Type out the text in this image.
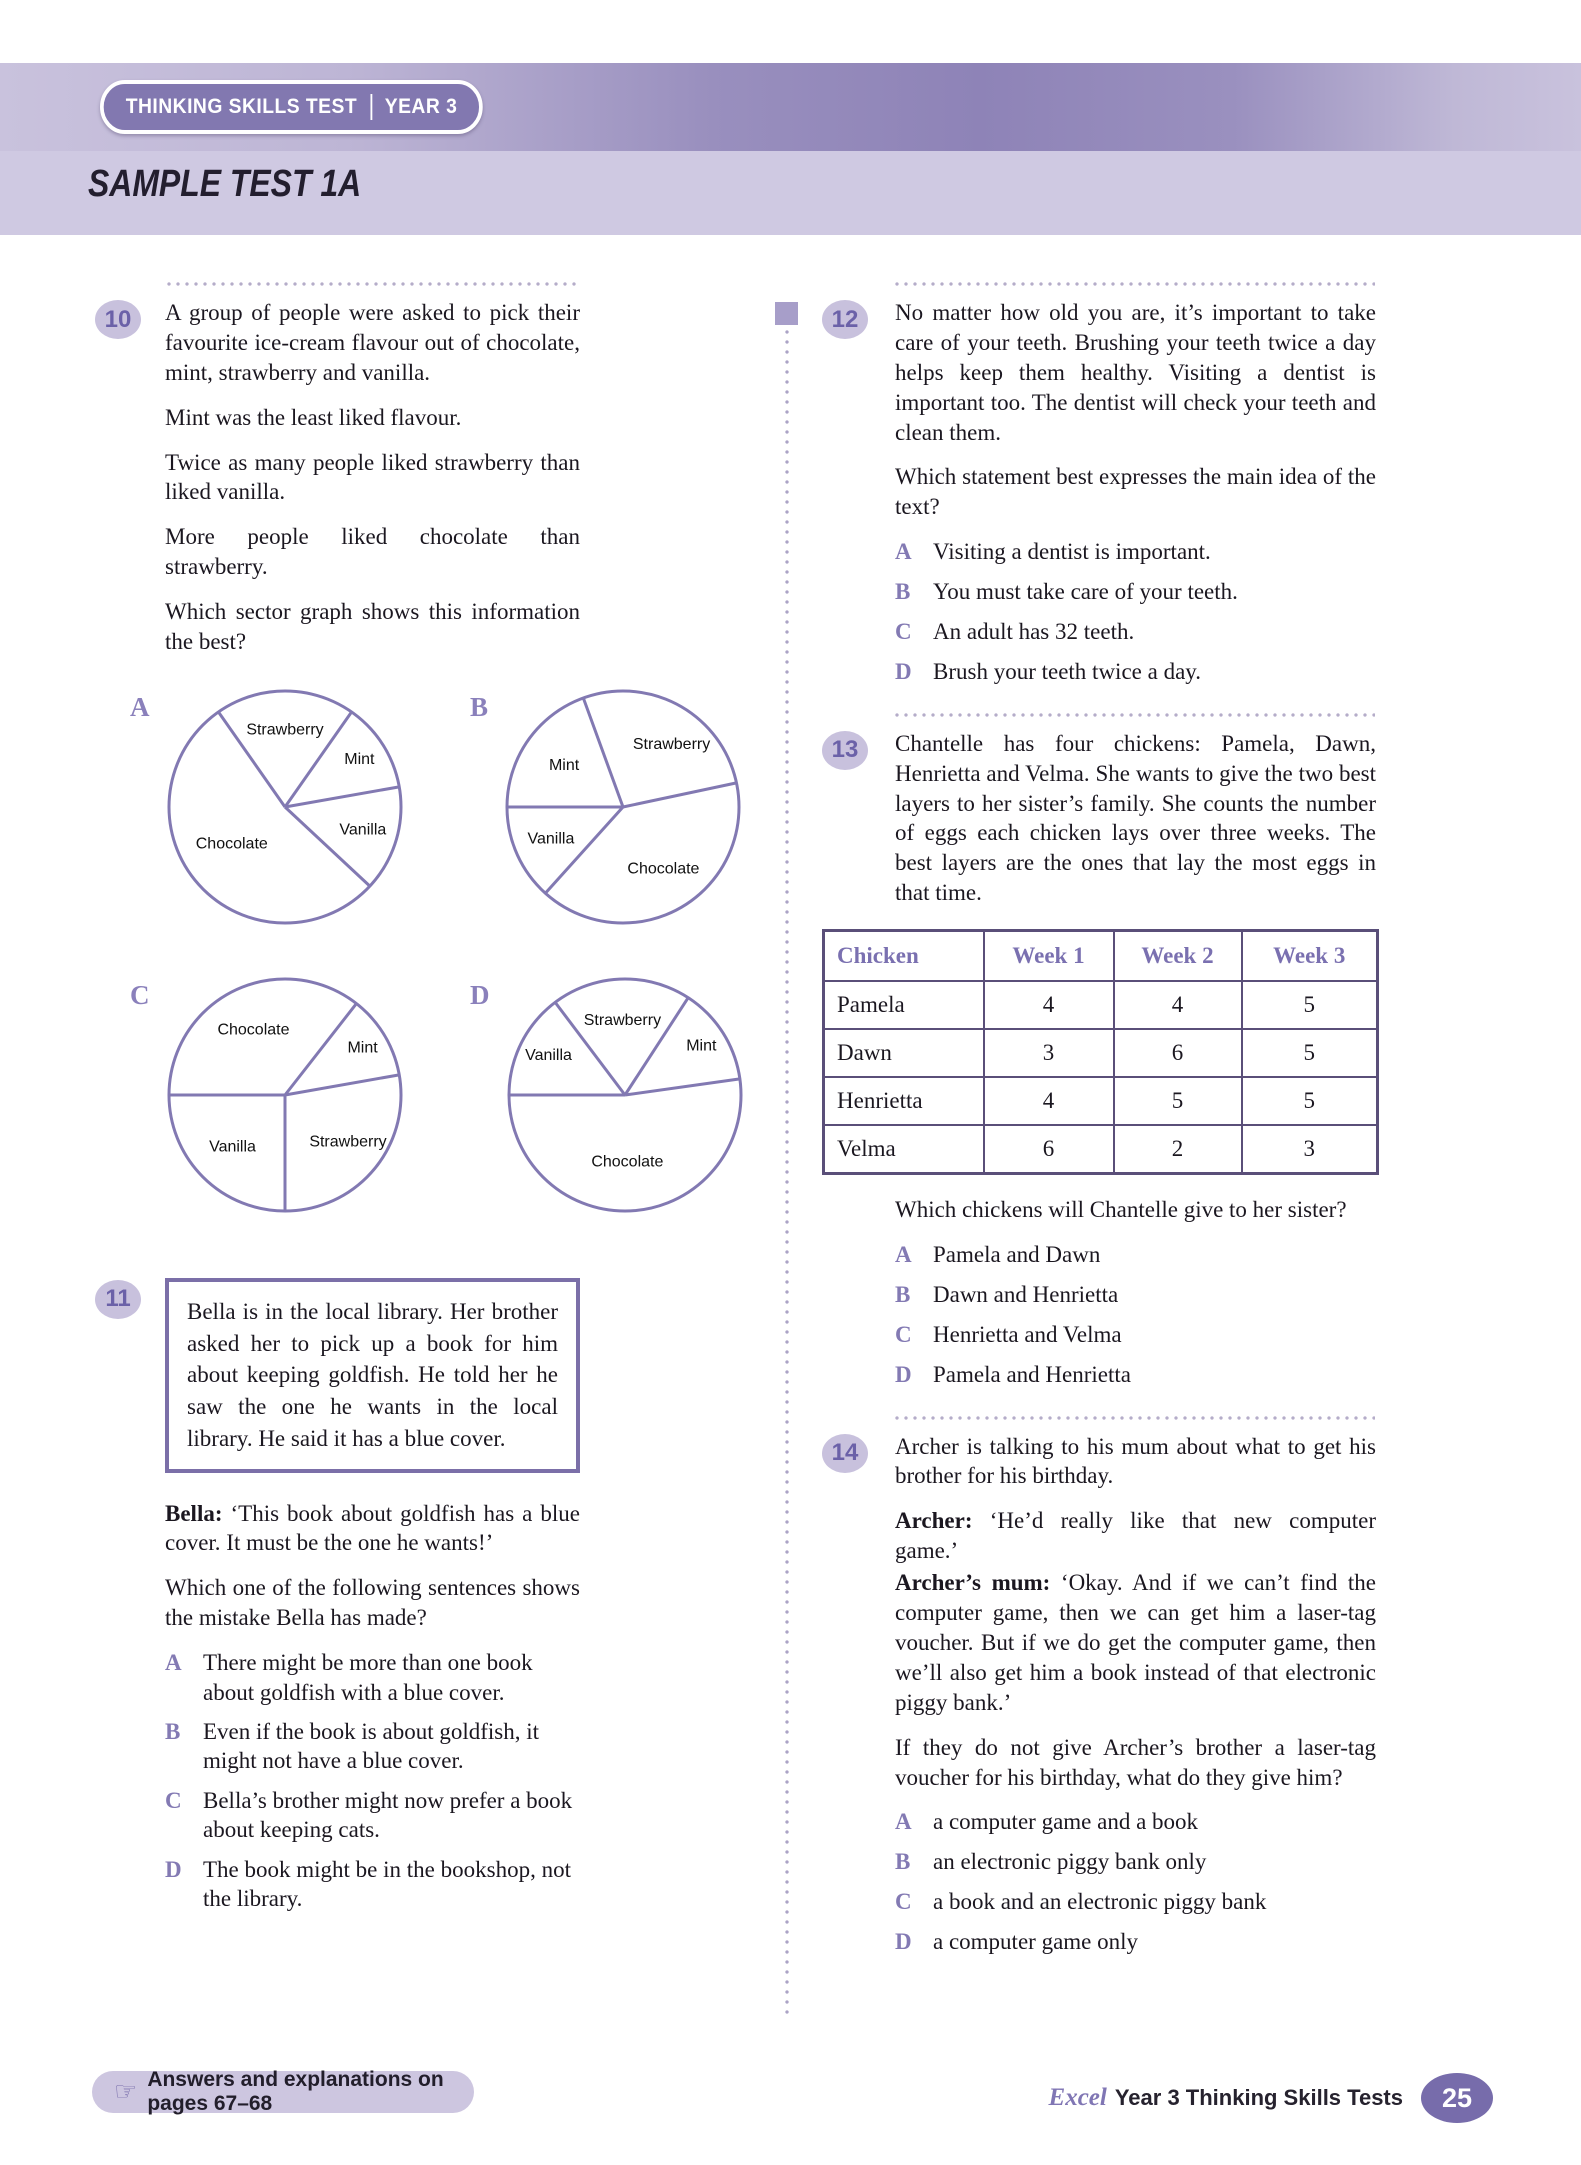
THINKING SKILLS TEST YEAR 3
SAMPLE TEST 1A
10	A group of people were asked to pick their favourite ice-cream flavour out of chocolate, mint, strawberry and vanilla.

Mint was the least liked flavour.

Twice as many people liked strawberry than liked vanilla.

More people liked chocolate than strawberry.

Which sector graph shows this information the best?

A
Vanilla
Mint
Strawberry
Chocolate
B
Strawberry
Mint
Vanilla
Chocolate
C
Mint
Chocolate
Vanilla	Strawberry
D
Mint
Strawberry
Vanilla
Chocolate
11	Bella is in the local library. Her brother asked her to pick up a book for him about keeping goldfish. He told her he saw the one he wants in the local library. He said it has a blue cover.

Bella: ‘This book about goldfish has a blue cover. It must be the one he wants!’

Which one of the following sentences shows the mistake Bella has made?

A There might be more than one book about goldfish with a blue cover.
B Even if the book is about goldfish, it might not have a blue cover.
C Bella’s brother might now prefer a book about keeping cats.
D The book might be in the bookshop, not the library.
12	No matter how old you are, it’s important to take care of your teeth. Brushing your teeth twice a day helps keep them healthy. Visiting a dentist is important too. The dentist will check your teeth and clean them.

Which statement best expresses the main idea of the text?

A Visiting a dentist is important.
B You must take care of your teeth.
C An adult has 32 teeth.
D Brush your teeth twice a day.
13	Chantelle has four chickens: Pamela, Dawn, Henrietta and Velma. She wants to give the two best layers to her sister’s family. She counts the number of eggs each chicken lays over three weeks. The best layers are the ones that lay the most eggs in that time.

Chicken	Week 1	Week 2	Week 3
Pamela	4	4	5
Dawn	3	6	5
Henrietta	4	5	5
Velma	6	2	3

Which chickens will Chantelle give to her sister?

A Pamela and Dawn
B Dawn and Henrietta
C Henrietta and Velma
D Pamela and Henrietta
14	Archer is talking to his mum about what to get his brother for his birthday.

Archer: ‘He’d really like that new computer game.’

Archer’s mum: ‘Okay. And if we can’t find the computer game, then we can get him a laser-tag voucher. But if we do get the computer game, then we’ll also get him a book instead of that electronic piggy bank.’

If they do not give Archer’s brother a laser-tag voucher for his birthday, what do they give him?

A a computer game and a book
B an electronic piggy bank only
C a book and an electronic piggy bank
D a computer game only
☞ Answers and explanations on pages 67–68	Excel Year 3 Thinking Skills Tests	25
